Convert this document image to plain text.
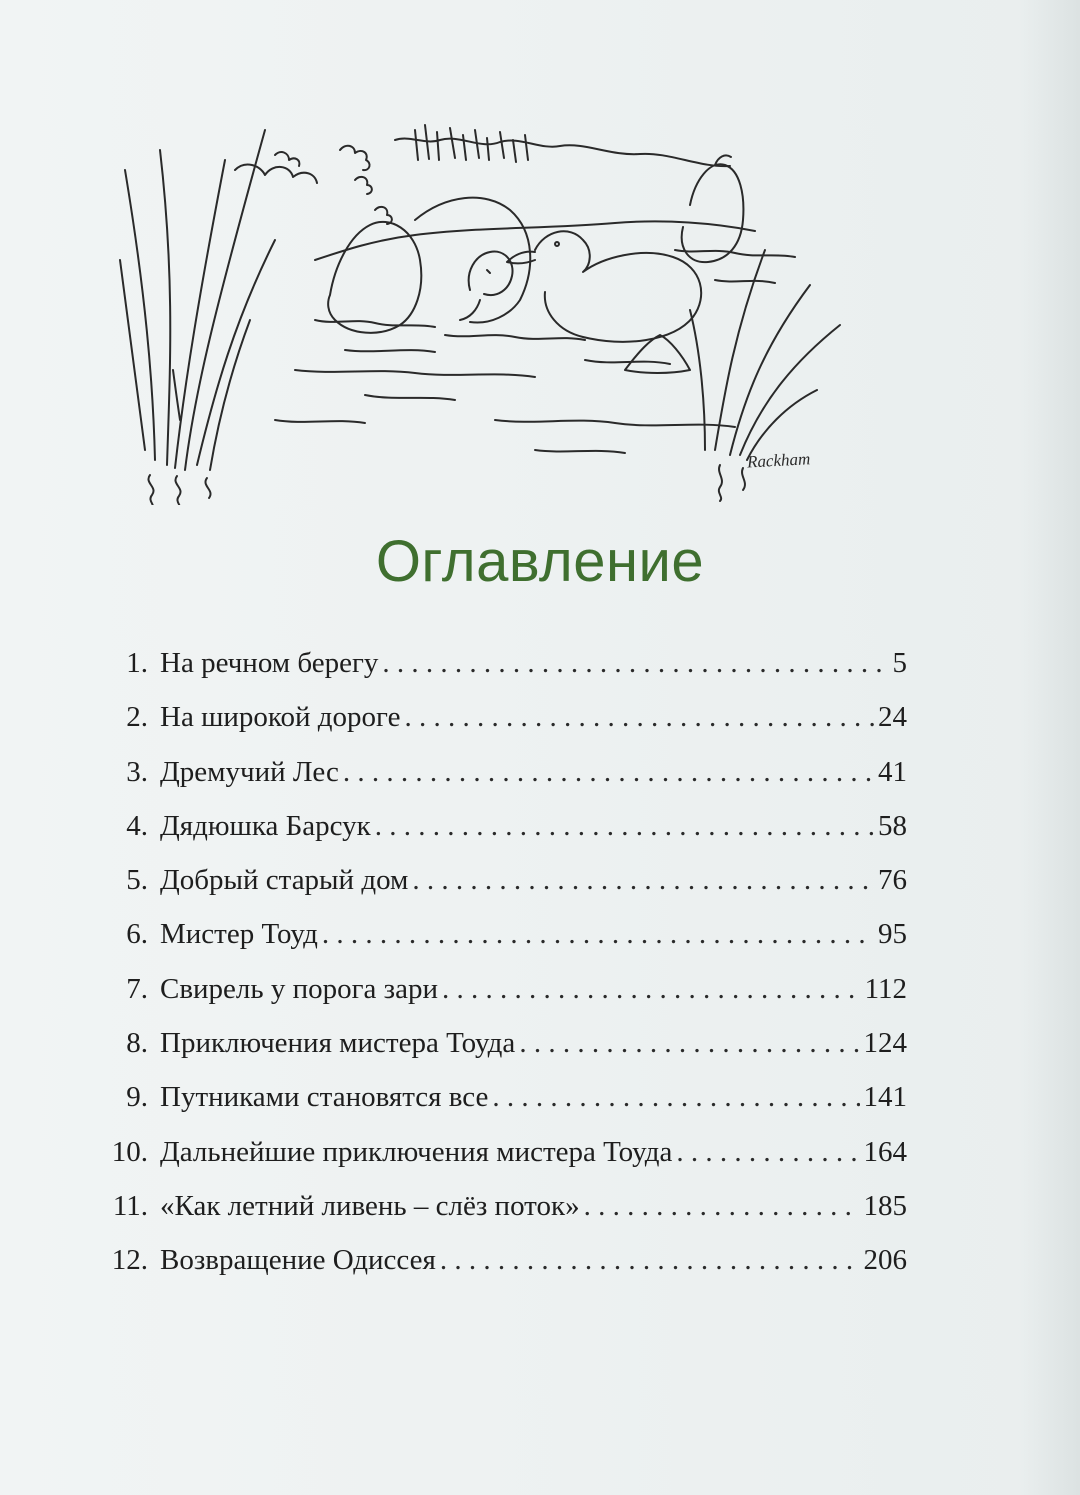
Rackham
Оглавление
1. На речном берегу . . .	5
2. На широкой дороге . . .	24
3. Дремучий Лес . . .	41
4. Дядюшка Барсук . . .	58
5. Добрый старый дом . . .	76
6. Мистер Тоуд . . .	95
7. Свирель у порога зари . . .	112
8. Приключения мистера Тоуда . . .	124
9. Путниками становятся все . . .	141
10. Дальнейшие приключения мистера Тоуда . . .	164
11. «Как летний ливень – слёз поток» . . .	185
12. Возвращение Одиссея . . .	206
